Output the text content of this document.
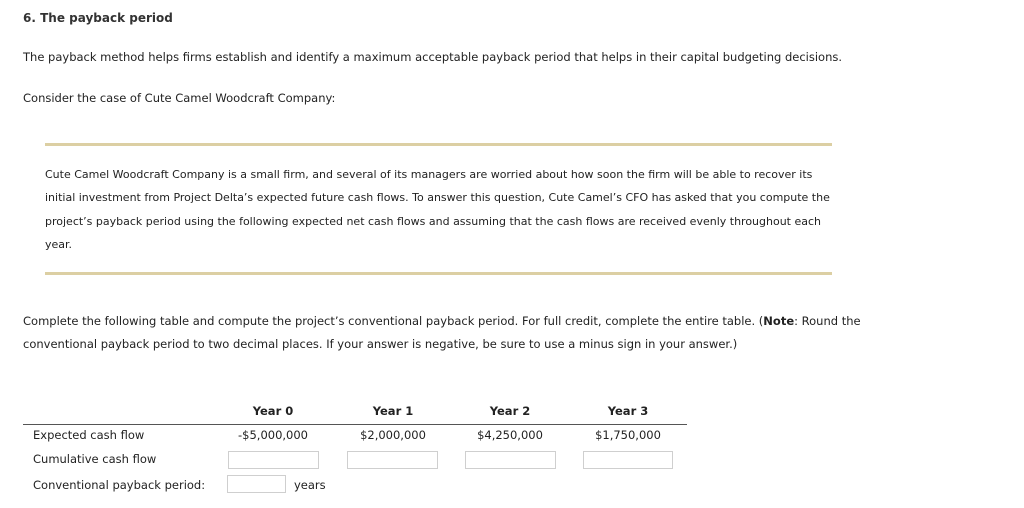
6. The payback period
The payback method helps firms establish and identify a maximum acceptable payback period that helps in their capital budgeting decisions.
Consider the case of Cute Camel Woodcraft Company:
Cute Camel Woodcraft Company is a small firm, and several of its managers are worried about how soon the firm will be able to recover its initial investment from Project Delta’s expected future cash flows. To answer this question, Cute Camel’s CFO has asked that you compute the project’s payback period using the following expected net cash flows and assuming that the cash flows are received evenly throughout each year.
Complete the following table and compute the project’s conventional payback period. For full credit, complete the entire table. (Note: Round the conventional payback period to two decimal places. If your answer is negative, be sure to use a minus sign in your answer.)
Year 0	Year 1	Year 2	Year 3
Expected cash flow	-$5,000,000	$2,000,000	$4,250,000	$1,750,000
Cumulative cash flow
Conventional payback period:	years
